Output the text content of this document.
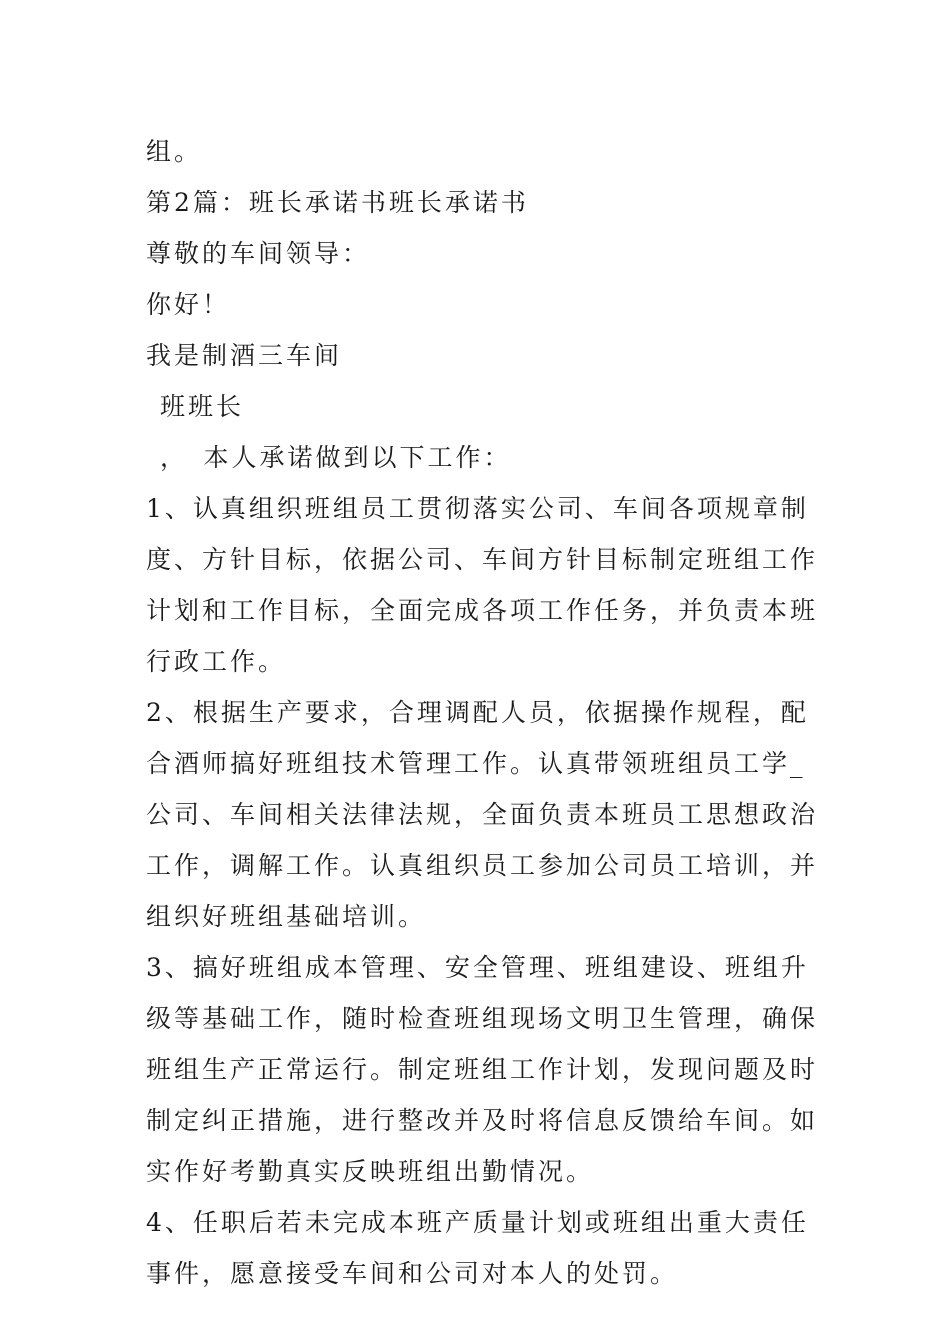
组。
第2篇：班长承诺书班长承诺书
尊敬的车间领导：
你好！
我是制酒三车间
班班长
，　本人承诺做到以下工作：
1、认真组织班组员工贯彻落实公司、车间各项规章制度、方针目标，依据公司、车间方针目标制定班组工作计划和工作目标，全面完成各项工作任务，并负责本班行政工作。
2、根据生产要求，合理调配人员，依据操作规程，配合酒师搞好班组技术管理工作。认真带领班组员工学_公司、车间相关法律法规，全面负责本班员工思想政治工作，调解工作。认真组织员工参加公司员工培训，并组织好班组基础培训。
3、搞好班组成本管理、安全管理、班组建设、班组升级等基础工作，随时检查班组现场文明卫生管理，确保班组生产正常运行。制定班组工作计划，发现问题及时制定纠正措施，进行整改并及时将信息反馈给车间。如实作好考勤真实反映班组出勤情况。
4、任职后若未完成本班产质量计划或班组出重大责任事件，愿意接受车间和公司对本人的处罚。
